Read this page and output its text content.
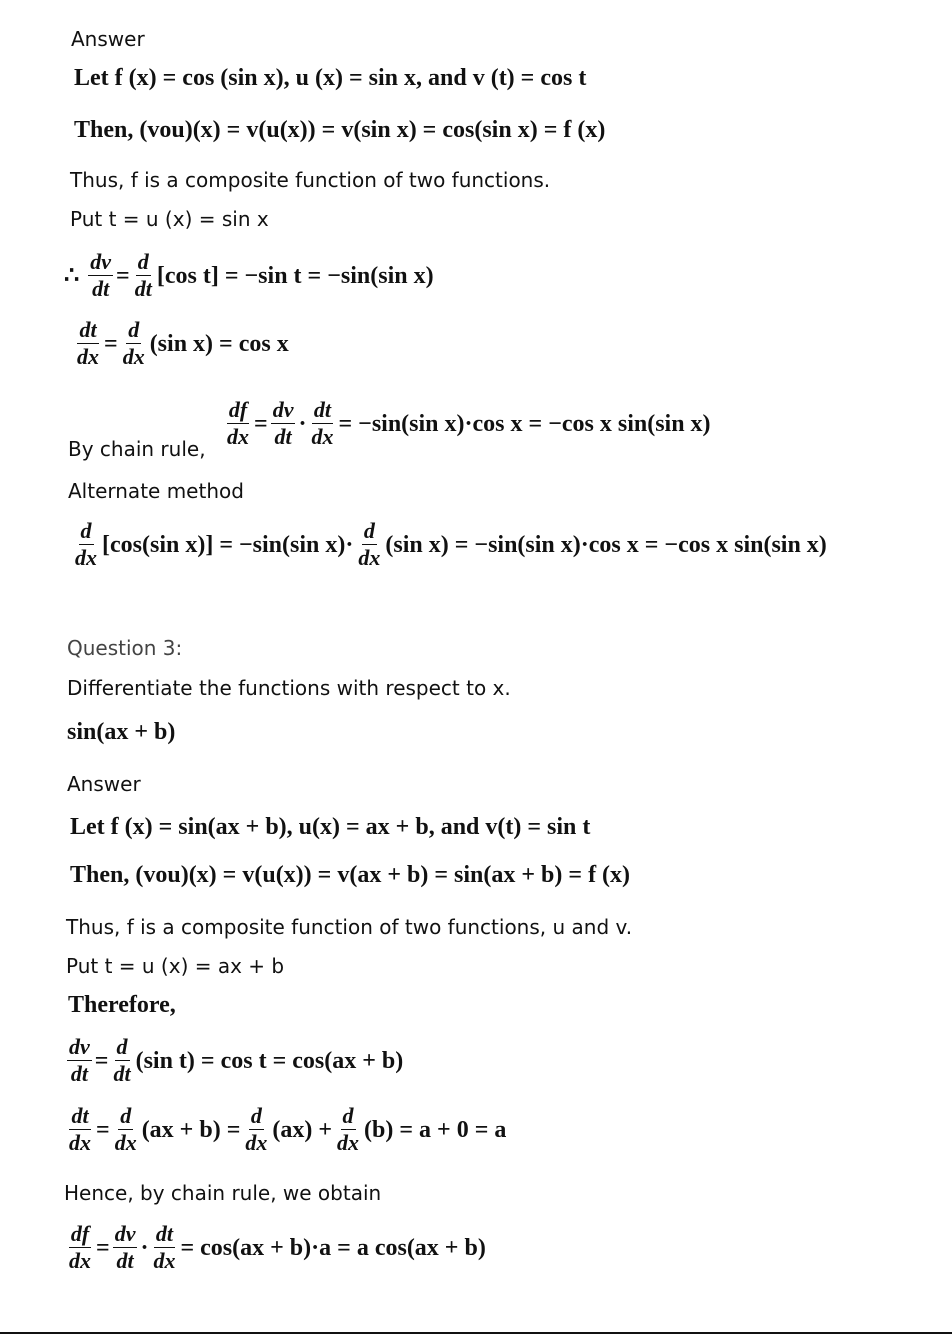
Answer
Let f (x) = cos (sin x), u (x) = sin x, and v (t) = cos t
Then, (vou)(x) = v(u(x)) = v(sin x) = cos(sin x) = f (x)
Thus, f is a composite function of two functions.
Put t = u (x) = sin x
∴ $\frac{dv}{dt} = \frac{d}{dt} [\cos$ t] = −sin t = −sin(sin x)
$\frac{dt}{dx} = \frac{d}{dx} (\sin$ x) = cos x
By chain rule, $\frac{df}{dx} = \frac{dv}{dt} \cdot \frac{dt}{dx} = -\sin(\sin$ x)·cos x = −cos x sin(sin x)
Alternate method
$\frac{d}{dx} [\cos(\sin$ x)] = −sin(sin $x)\cdot \frac{d}{dx} (\sin$ x) = −sin(sin x)·cos x = −cos x sin(sin x)
Question 3:
Differentiate the functions with respect to x.
sin(ax + b)
Answer
Let f (x) = sin(ax + b), u(x) = ax + b, and v(t) = sin t
Then, (vou)(x) = v(u(x)) = v(ax + b) = sin(ax + b) = f (x)
Thus, f is a composite function of two functions, u and v.
Put t = u (x) = ax + b
Therefore,
$\frac{dv}{dt} = \frac{d}{dt} (\sin$ t) = cos t = cos(ax + b)
$\frac{dt}{dx} = \frac{d}{dx} (ax + b) = \frac{d}{dx} (ax) + \frac{d}{dx} (b) = a + 0 = a$
Hence, by chain rule, we obtain
$\frac{df}{dx} = \frac{dv}{dt} \cdot \frac{dt}{dx} = \cos(ax + b)\cdot a = a$ cos(ax + b)
